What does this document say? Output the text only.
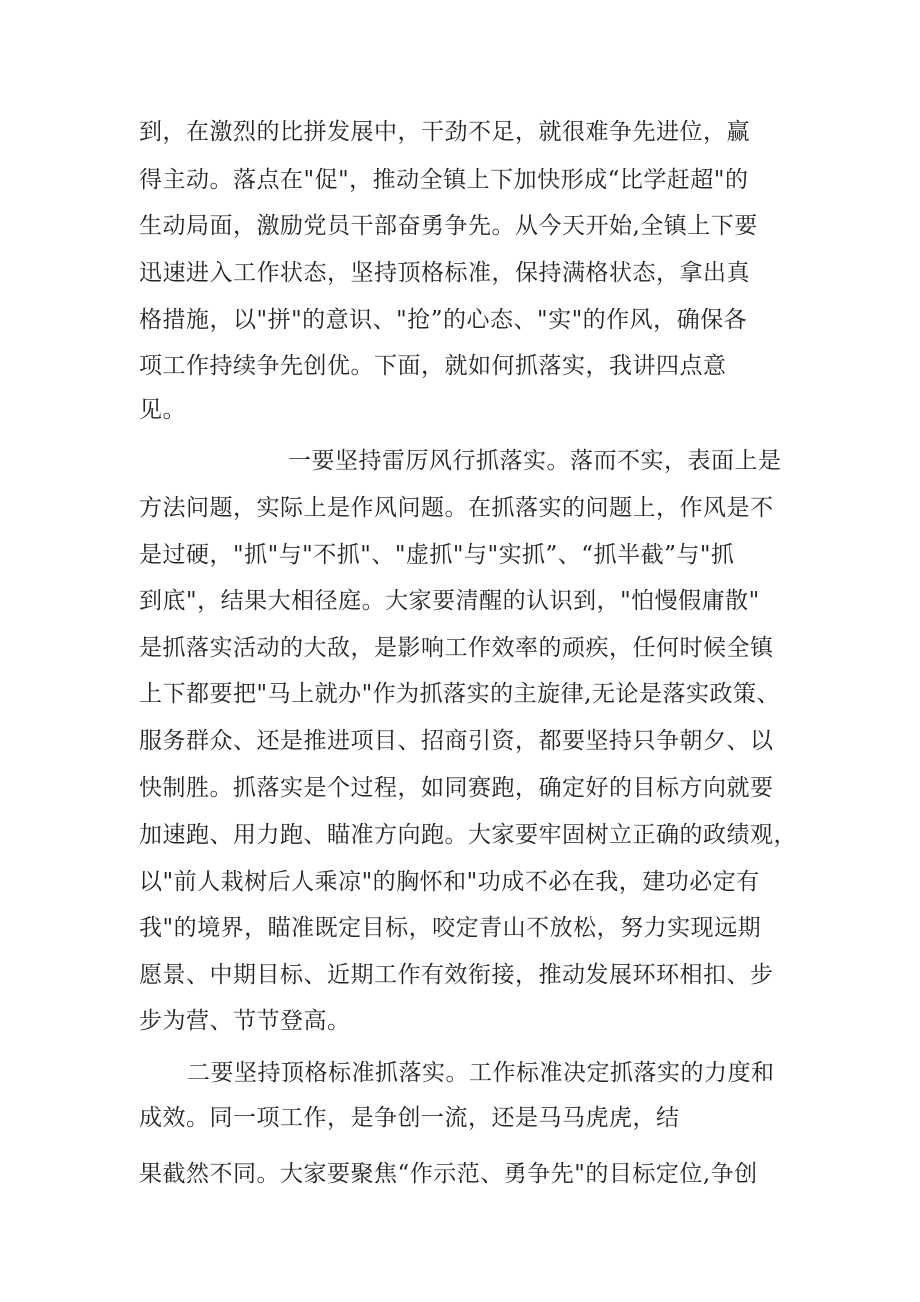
到，在激烈的比拼发展中，干劲不足，就很难争先进位，赢

得主动。落点在"促"，推动全镇上下加快形成“比学赶超"的

生动局面，激励党员干部奋勇争先。从今天开始,全镇上下要

迅速进入工作状态，坚持顶格标准，保持满格状态，拿出真

格措施，以"拼"的意识、"抢”的心态、"实"的作风，确保各

项工作持续争先创优。下面，就如何抓落实，我讲四点意

见。

一要坚持雷厉风行抓落实。落而不实，表面上是

方法问题，实际上是作风问题。在抓落实的问题上，作风是不

是过硬，"抓"与"不抓"、"虚抓"与"实抓”、“抓半截”与"抓

到底"，结果大相径庭。大家要清醒的认识到，"怕慢假庸散"

是抓落实活动的大敌，是影响工作效率的顽疾，任何时候全镇

上下都要把"马上就办"作为抓落实的主旋律,无论是落实政策、

服务群众、还是推进项目、招商引资，都要坚持只争朝夕、以

快制胜。抓落实是个过程，如同赛跑，确定好的目标方向就要

加速跑、用力跑、瞄准方向跑。大家要牢固树立正确的政绩观，

以"前人栽树后人乘凉"的胸怀和"功成不必在我，建功必定有

我"的境界，瞄准既定目标，咬定青山不放松，努力实现远期

愿景、中期目标、近期工作有效衔接，推动发展环环相扣、步

步为营、节节登高。

二要坚持顶格标准抓落实。工作标准决定抓落实的力度和

成效。同一项工作，是争创一流，还是马马虎虎，结

果截然不同。大家要聚焦“作示范、勇争先"的目标定位,争创
